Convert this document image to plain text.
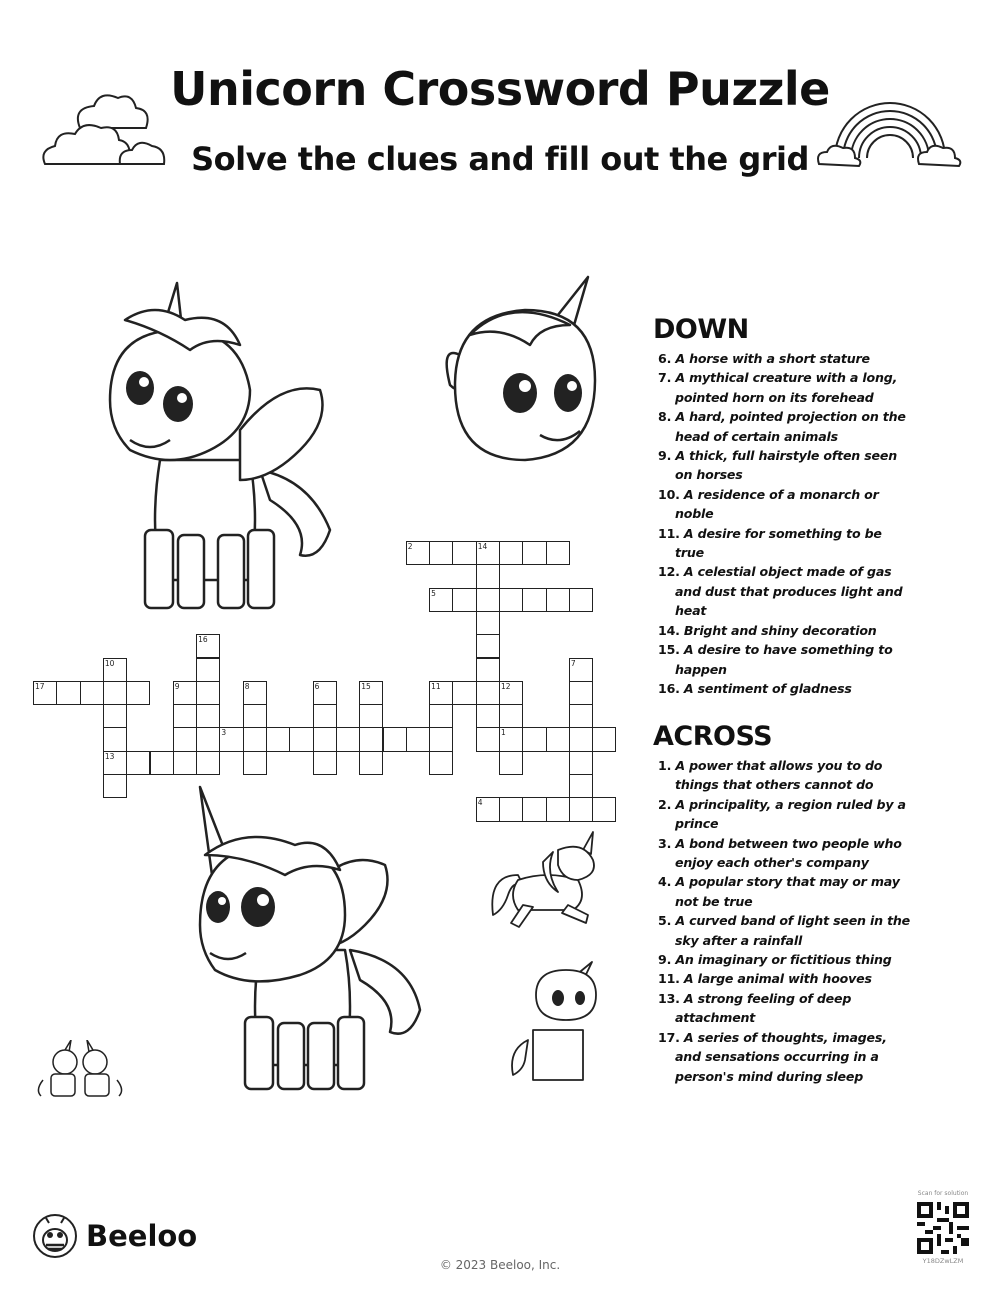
Unicorn Crossword Puzzle
Solve the clues and fill out the grid
2	14
5
17
3	1
13
4
11	12
10
16
9	8	6	15
7
DOWN
6. A horse with a short stature
7. A mythical creature with a long, pointed horn on its forehead
8. A hard, pointed projection on the head of certain animals
9. A thick, full hairstyle often seen on horses
10. A residence of a monarch or noble
11. A desire for something to be true
12. A celestial object made of gas and dust that produces light and heat
14. Bright and shiny decoration
15. A desire to have something to happen
16. A sentiment of gladness
ACROSS
1. A power that allows you to do things that others cannot do
2. A principality, a region ruled by a prince
3. A bond between two people who enjoy each other's company
4. A popular story that may or may not be true
5. A curved band of light seen in the sky after a rainfall
9. An imaginary or fictitious thing
11. A large animal with hooves
13. A strong feeling of deep attachment
17. A series of thoughts, images, and sensations occurring in a person's mind during sleep
Beeloo
© 2023 Beeloo, Inc.
Scan for solution
Y18DZwLZM
